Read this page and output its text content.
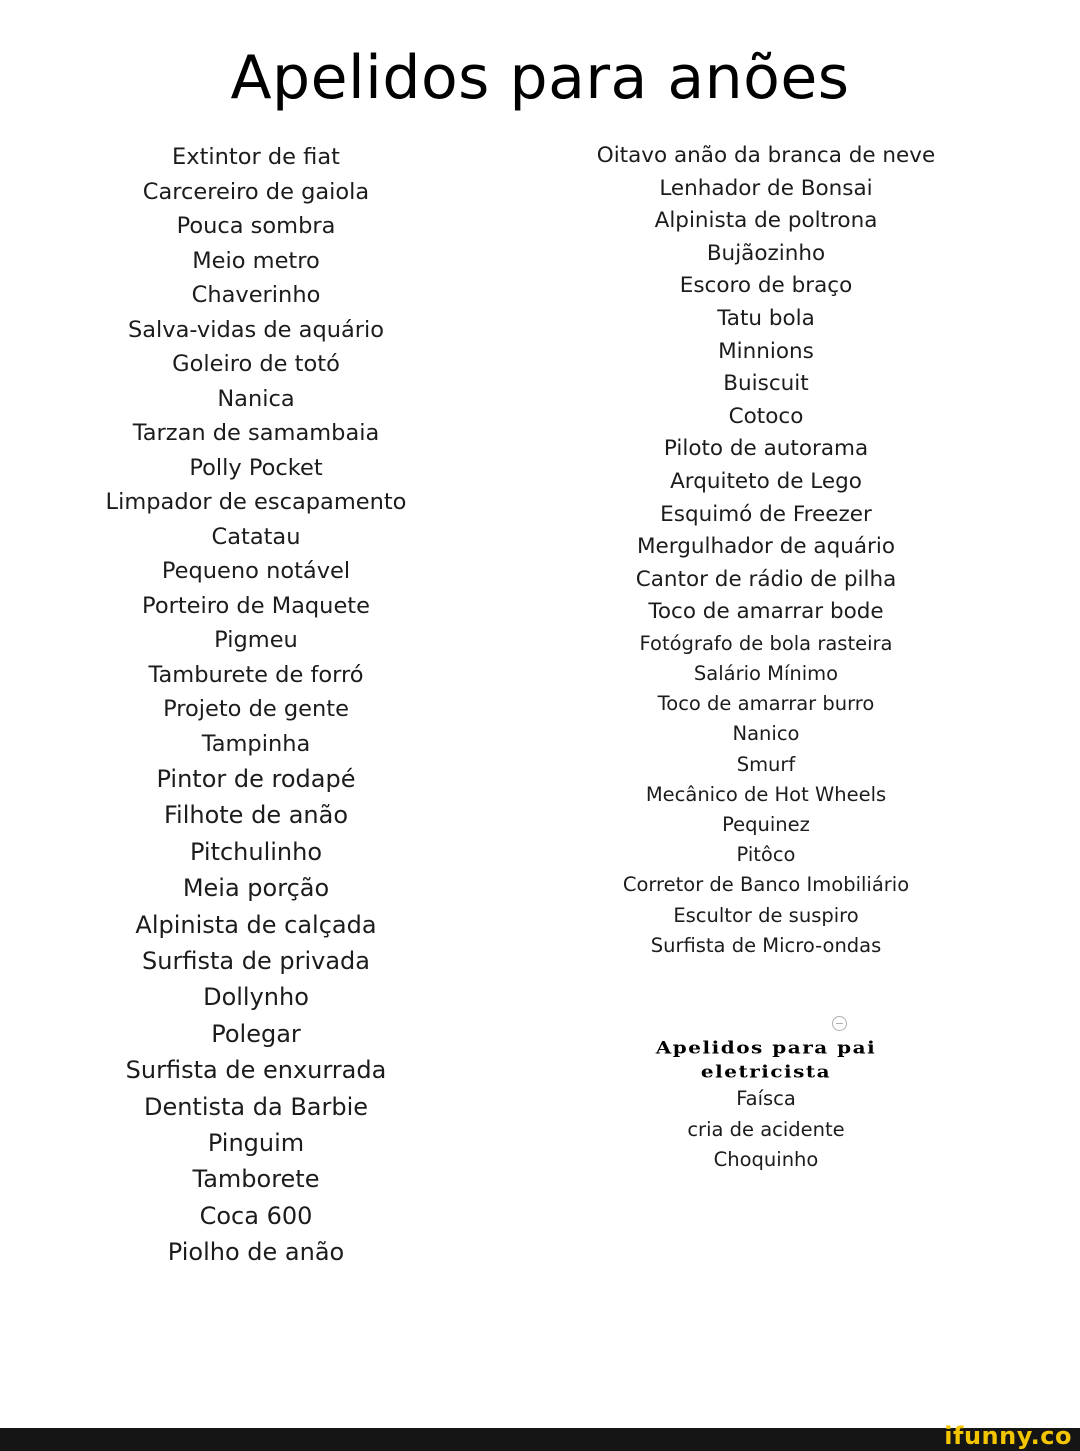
Apelidos para anões
Extintor de fiat
Carcereiro de gaiola
Pouca sombra
Meio metro
Chaverinho
Salva-vidas de aquário
Goleiro de totó
Nanica
Tarzan de samambaia
Polly Pocket
Limpador de escapamento
Catatau
Pequeno notável
Porteiro de Maquete
Pigmeu
Tamburete de forró
Projeto de gente
Tampinha
Pintor de rodapé
Filhote de anão
Pitchulinho
Meia porção
Alpinista de calçada
Surfista de privada
Dollynho
Polegar
Surfista de enxurrada
Dentista da Barbie
Pinguim
Tamborete
Coca 600
Piolho de anão
Oitavo anão da branca de neve
Lenhador de Bonsai
Alpinista de poltrona
Bujãozinho
Escoro de braço
Tatu bola
Minnions
Buiscuit
Cotoco
Piloto de autorama
Arquiteto de Lego
Esquimó de Freezer
Mergulhador de aquário
Cantor de rádio de pilha
Toco de amarrar bode
Fotógrafo de bola rasteira
Salário Mínimo
Toco de amarrar burro
Nanico
Smurf
Mecânico de Hot Wheels
Pequinez
Pitôco
Corretor de Banco Imobiliário
Escultor de suspiro
Surfista de Micro-ondas
Apelidos para pai
eletricista
Faísca
cria de acidente
Choquinho
ifunny.co
